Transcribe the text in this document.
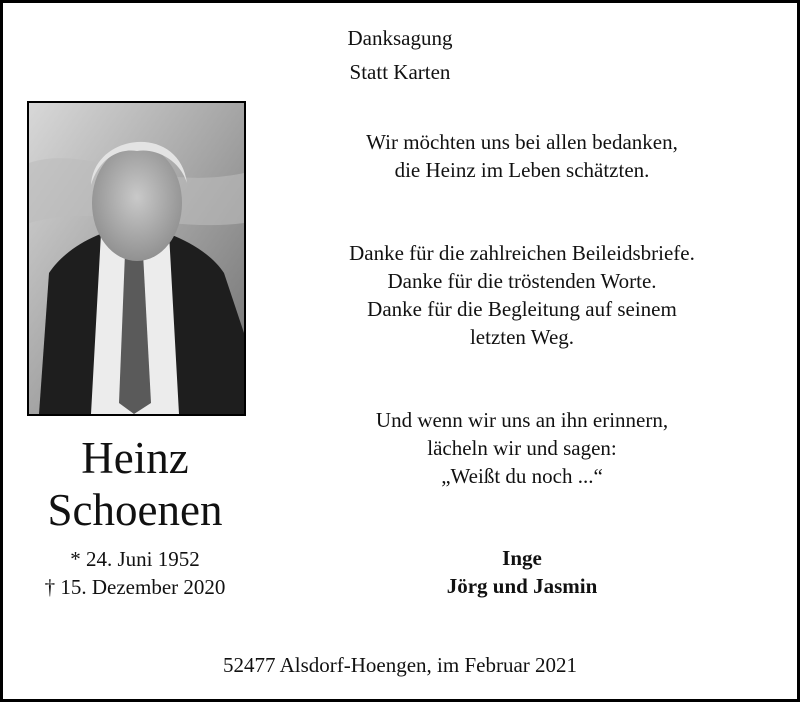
Danksagung
Statt Karten
Heinz
Schoenen
* 24. Juni 1952
† 15. Dezember 2020
Wir möchten uns bei allen bedanken,
die Heinz im Leben schätzten.
Danke für die zahlreichen Beileidsbriefe.
Danke für die tröstenden Worte.
Danke für die Begleitung auf seinem
letzten Weg.
Und wenn wir uns an ihn erinnern,
lächeln wir und sagen:
„Weißt du noch ...“
Inge
Jörg und Jasmin
52477 Alsdorf-Hoengen, im Februar 2021
